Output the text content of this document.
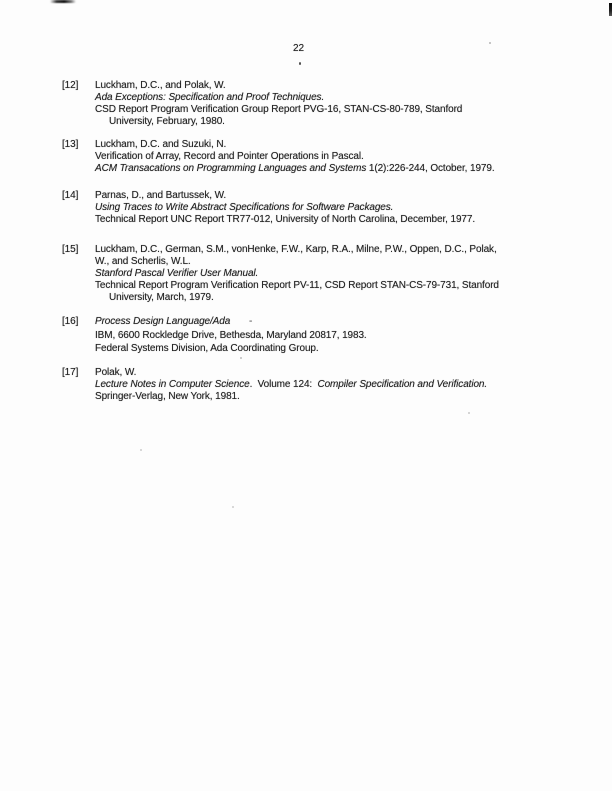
22
[12] Luckham, D.C., and Polak, W.
Ada Exceptions: Specification and Proof Techniques.
CSD Report Program Verification Group Report PVG-16, STAN-CS-80-789, Stanford
University, February, 1980.
[13] Luckham, D.C. and Suzuki, N.
Verification of Array, Record and Pointer Operations in Pascal.
ACM Transacations on Programming Languages and Systems 1(2):226-244, October, 1979.
[14] Parnas, D., and Bartussek, W.
Using Traces to Write Abstract Specifications for Software Packages.
Technical Report UNC Report TR77-012, University of North Carolina, December, 1977.
[15] Luckham, D.C., German, S.M., vonHenke, F.W., Karp, R.A., Milne, P.W., Oppen, D.C., Polak,
W., and Scherlis, W.L.
Stanford Pascal Verifier User Manual.
Technical Report Program Verification Report PV-11, CSD Report STAN-CS-79-731, Stanford
University, March, 1979.
[16] Process Design Language/Ada
IBM, 6600 Rockledge Drive, Bethesda, Maryland 20817, 1983.
Federal Systems Division, Ada Coordinating Group.
-
[17] Polak, W.
Lecture Notes in Computer Science.  Volume 124:  Compiler Specification and Verification.
Springer-Verlag, New York, 1981.
